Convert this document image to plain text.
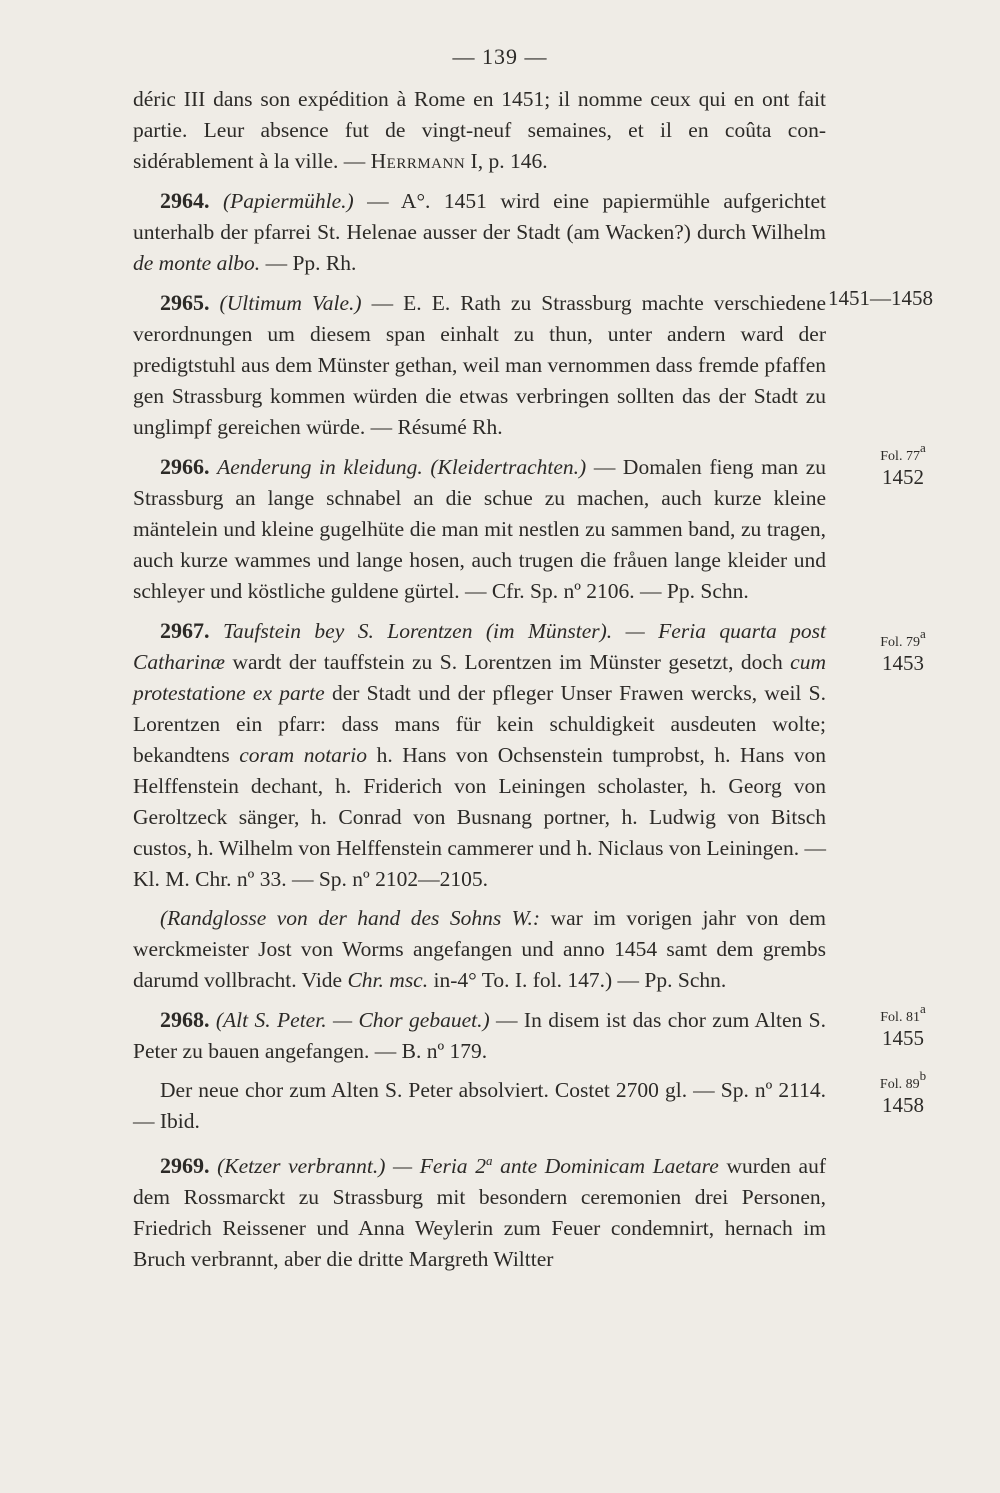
— 139 —

déric III dans son expédition à Rome en 1451; il nomme ceux qui en ont fait partie. Leur absence fut de vingt-neuf semaines, et il en coûta con- sidérablement à la ville. — Herrmann I, p. 146.

2964. (Papiermühle.) — A°. 1451 wird eine papiermühle aufgerichtet unterhalb der pfarrei St. Helenae ausser der Stadt (am Wacken?) durch Wilhelm de monte albo. — Pp. Rh.

2965. (Ultimum Vale.) — E. E. Rath zu Strassburg machte verschiedene verordnungen um diesem span einhalt zu thun, unter andern ward der predigtstuhl aus dem Münster gethan, weil man vernommen dass fremde pfaffen gen Strassburg kommen würden die etwas verbringen sollten das der Stadt zu unglimpf gereichen würde. — Résumé Rh.

2966. Aenderung in kleidung. (Kleidertrachten.) — Domalen fieng man zu Strassburg an lange schnabel an die schue zu machen, auch kurze kleine mäntelein und kleine gugelhüte die man mit nestlen zu sammen band, zu tragen, auch kurze wammes und lange hosen, auch trugen die fråuen lange kleider und schleyer und köstliche guldene gürtel. — Cfr. Sp. nº 2106. — Pp. Schn.

2967. Taufstein bey S. Lorentzen (im Münster). — Feria quarta post Catharinæ wardt der tauffstein zu S. Lorentzen im Münster gesetzt, doch cum protestatione ex parte der Stadt und der pfleger Unser Frawen wercks, weil S. Lorentzen ein pfarr: dass mans für kein schuldigkeit ausdeuten wolte; bekandtens coram notario h. Hans von Ochsenstein tumprobst, h. Hans von Helffenstein dechant, h. Friderich von Leiningen scholaster, h. Georg von Geroltzeck sänger, h. Conrad von Busnang portner, h. Ludwig von Bitsch custos, h. Wilhelm von Helffenstein cammerer und h. Niclaus von Leiningen. — Kl. M. Chr. nº 33. — Sp. nº 2102—2105.

(Randglosse von der hand des Sohns W.: war im vorigen jahr von dem werckmeister Jost von Worms angefangen und anno 1454 samt dem grembs darumd vollbracht. Vide Chr. msc. in-4° To. I. fol. 147.) — Pp. Schn.

2968. (Alt S. Peter. — Chor gebauet.) — In disem ist das chor zum Alten S. Peter zu bauen angefangen. — B. nº 179.

Der neue chor zum Alten S. Peter absolviert. Costet 2700 gl. — Sp. nº 2114. — Ibid.

2969. (Ketzer verbrannt.) — Feria 2$^a$ ante Dominicam Laetare wurden auf dem Rossmarckt zu Strassburg mit besondern ceremonien drei Personen, Friedrich Reissener und Anna Weylerin zum Feuer condemnirt, hernach im Bruch verbrannt, aber die dritte Margreth Wiltter

1451—1458
Fol. 77a
1452
Fol. 79a
1453
Fol. 81a
1455
Fol. 89b
1458
